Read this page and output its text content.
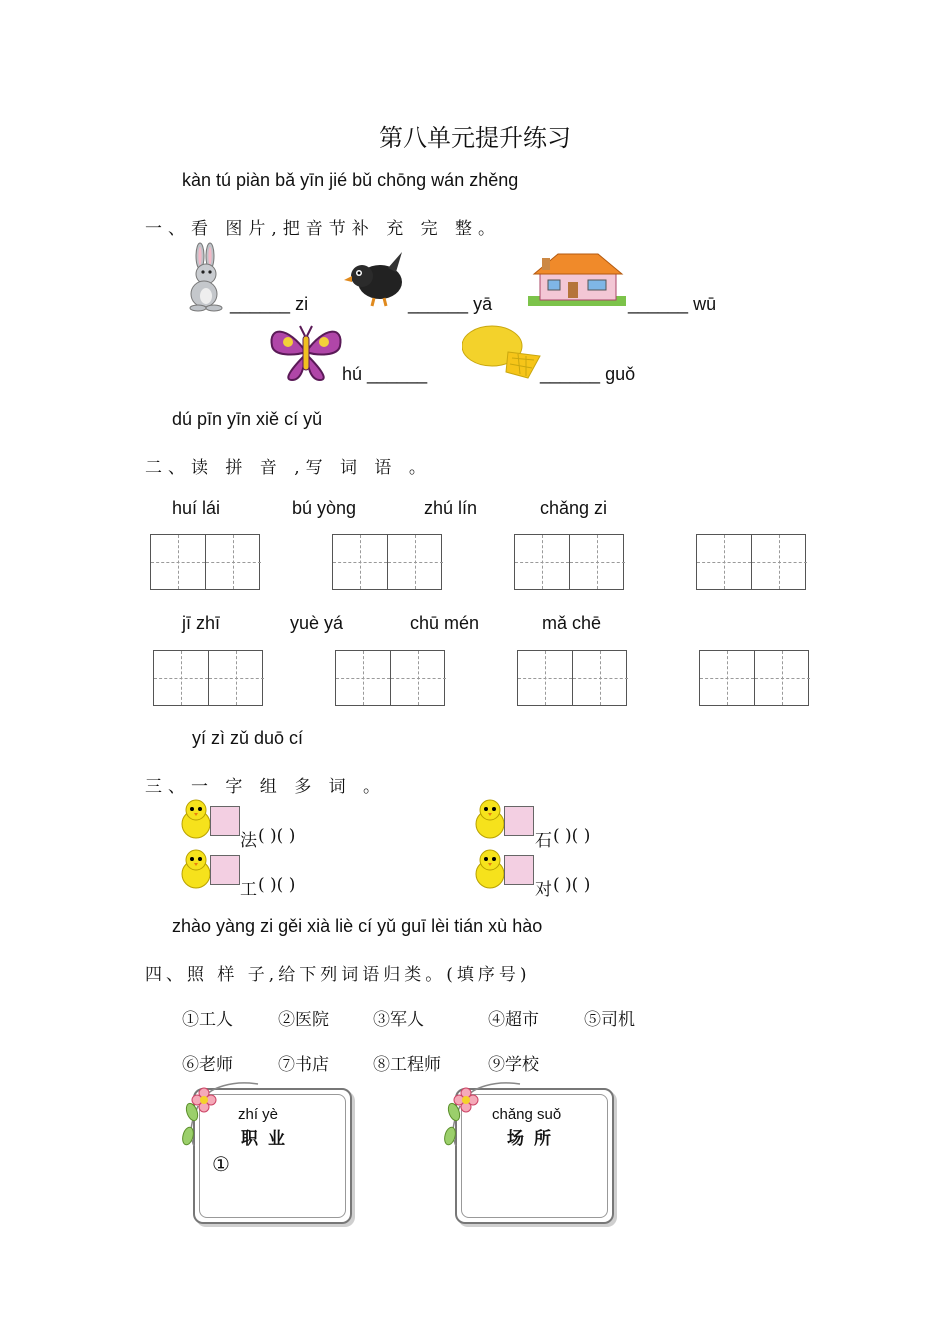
第八单元提升练习
kàn tú piàn bǎ yīn jié bǔ chōng wán zhěng
一、看 图片,把音节补 充 完 整。
______ zi	______ yā	______ wū
hú ______	______ guǒ
dú pīn yīn xiě cí yǔ
二、读 拼 音 ,写 词 语 。
huí lái	bú yòng	zhú lín	chǎng zi
jī zhī	yuè yá	chū mén	mǎ chē
yí zì zǔ duō cí
三、一 字 组 多 词 。
法 ( )( )	石 ( )( )
工 ( )( )	对 ( )( )
zhào yàng zi gěi xià liè cí yǔ guī lèi tián xù hào
四、照 样 子,给下列词语归类。(填序号)
①工人	②医院	③军人	④超市	⑤司机
⑥老师	⑦书店	⑧工程师	⑨学校
zhí yè
职业
①
chǎng suǒ
场所
